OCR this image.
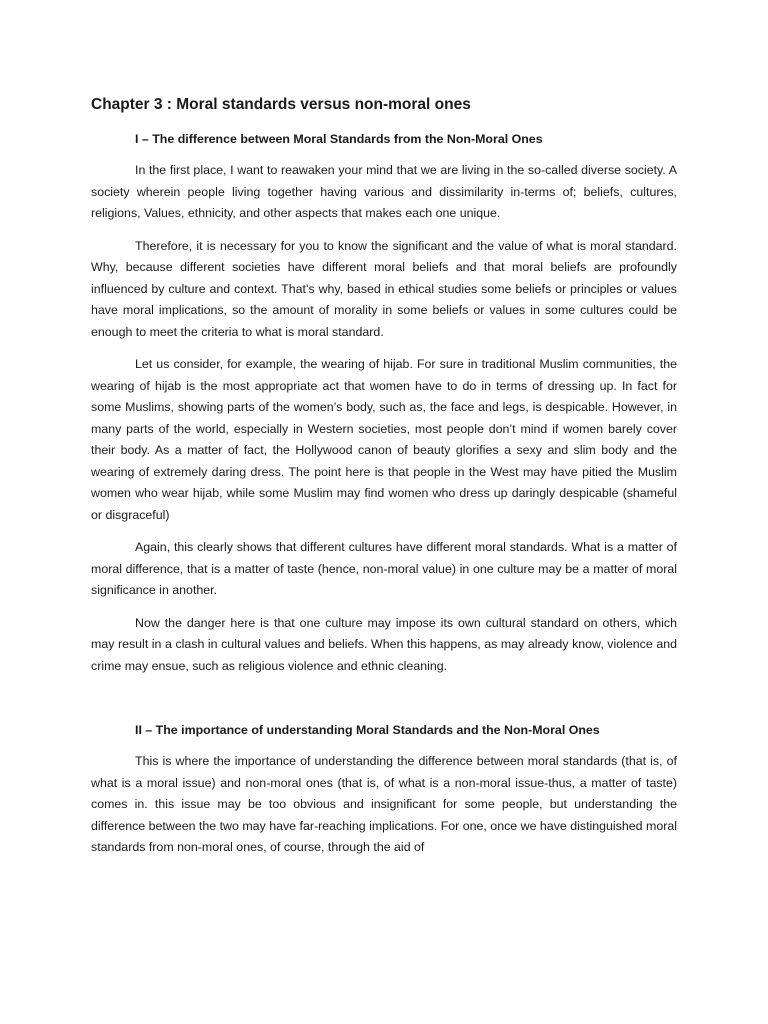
Chapter 3 : Moral standards versus non-moral ones
I – The difference between Moral Standards from the Non-Moral Ones

In the first place, I want to reawaken your mind that we are living in the so-called diverse society. A society wherein people living together having various and dissimilarity in-terms of; beliefs, cultures, religions, Values, ethnicity, and other aspects that makes each one unique.

Therefore, it is necessary for you to know the significant and the value of what is moral standard. Why, because different societies have different moral beliefs and that moral beliefs are profoundly influenced by culture and context. That’s why, based in ethical studies some beliefs or principles or values have moral implications, so the amount of morality in some beliefs or values in some cultures could be enough to meet the criteria to what is moral standard.

Let us consider, for example, the wearing of hijab. For sure in traditional Muslim communities, the wearing of hijab is the most appropriate act that women have to do in terms of dressing up. In fact for some Muslims, showing parts of the women’s body, such as, the face and legs, is despicable. However, in many parts of the world, especially in Western societies, most people don’t mind if women barely cover their body. As a matter of fact, the Hollywood canon of beauty glorifies a sexy and slim body and the wearing of extremely daring dress. The point here is that people in the West may have pitied the Muslim women who wear hijab, while some Muslim may find women who dress up daringly despicable (shameful or disgraceful)

Again, this clearly shows that different cultures have different moral standards. What is a matter of moral difference, that is a matter of taste (hence, non-moral value) in one culture may be a matter of moral significance in another.

Now the danger here is that one culture may impose its own cultural standard on others, which may result in a clash in cultural values and beliefs. When this happens, as may already know, violence and crime may ensue, such as religious violence and ethnic cleaning.

II – The importance of understanding Moral Standards and the Non-Moral Ones

This is where the importance of understanding the difference between moral standards (that is, of what is a moral issue) and non-moral ones (that is, of what is a non-moral issue-thus, a matter of taste) comes in. this issue may be too obvious and insignificant for some people, but understanding the difference between the two may have far-reaching implications. For one, once we have distinguished moral standards from non-moral ones, of course, through the aid of
